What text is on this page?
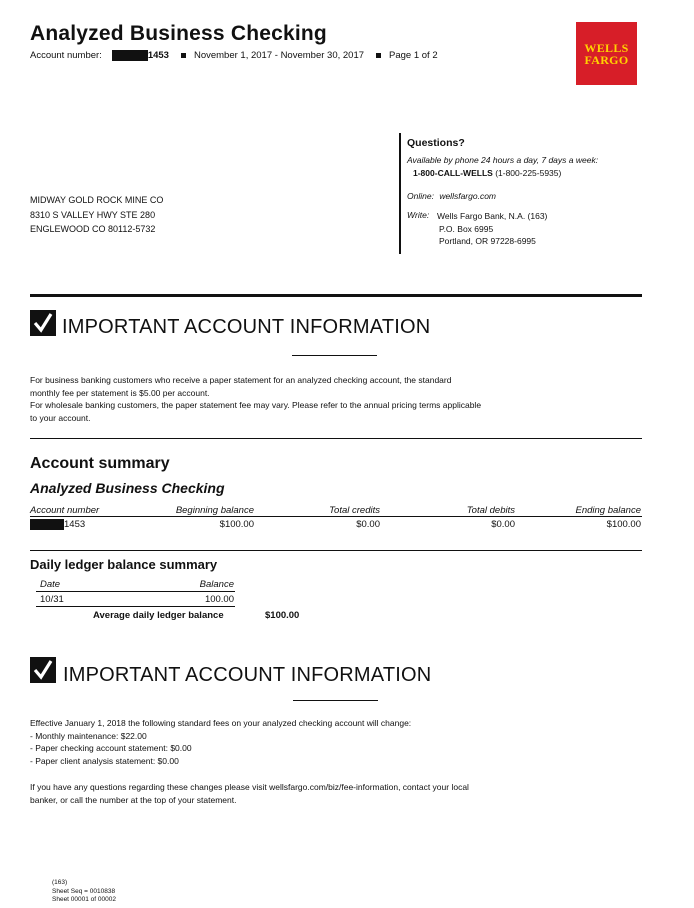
Analyzed Business Checking
Account number:	1453	November 1, 2017 - November 30, 2017	Page 1 of 2
WELLS
FARGO
Questions?
Available by phone 24 hours a day, 7 days a week:
1-800-CALL-WELLS (1-800-225-5935)
Online: wellsfargo.com
Write: Wells Fargo Bank, N.A. (163)
P.O. Box 6995
Portland, OR 97228-6995
MIDWAY GOLD ROCK MINE CO
8310 S VALLEY HWY STE 280
ENGLEWOOD CO 80112-5732
IMPORTANT ACCOUNT INFORMATION
For business banking customers who receive a paper statement for an analyzed checking account, the standard
monthly fee per statement is $5.00 per account.
For wholesale banking customers, the paper statement fee may vary. Please refer to the annual pricing terms applicable
to your account.
Account summary
Analyzed Business Checking
Account number	Beginning balance	Total credits	Total debits	Ending balance
1453	$100.00	$0.00	$0.00	$100.00
Daily ledger balance summary
Date	Balance
10/31	100.00
Average daily ledger balance	$100.00
IMPORTANT ACCOUNT INFORMATION
Effective January 1, 2018 the following standard fees on your analyzed checking account will change:
- Monthly maintenance: $22.00
- Paper checking account statement: $0.00
- Paper client analysis statement: $0.00
If you have any questions regarding these changes please visit wellsfargo.com/biz/fee-information, contact your local
banker, or call the number at the top of your statement.
(163)
Sheet Seq = 0010838
Sheet 00001 of 00002
